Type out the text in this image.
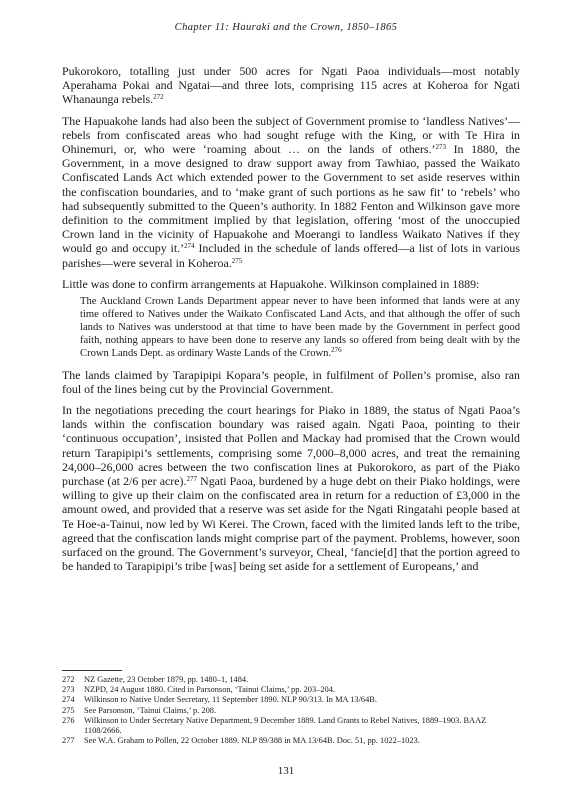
Chapter 11: Hauraki and the Crown, 1850–1865

Pukorokoro, totalling just under 500 acres for Ngati Paoa individuals—most notably Aperahama Pokai and Ngatai—and three lots, comprising 115 acres at Koheroa for Ngati Whanaunga rebels.$^{272}$

The Hapuakohe lands had also been the subject of Government promise to ‘landless Natives’—rebels from confiscated areas who had sought refuge with the King, or with Te Hira in Ohinemuri, or, who were ‘roaming about … on the lands of others.’$^{273}$ In 1880, the Government, in a move designed to draw support away from Tawhiao, passed the Waikato Confiscated Lands Act which extended power to the Government to set aside reserves within the confiscation boundaries, and to ‘make grant of such portions as he saw fit’ to ‘rebels’ who had subsequently submitted to the Queen’s authority. In 1882 Fenton and Wilkinson gave more definition to the commitment implied by that legislation, offering ‘most of the unoccupied Crown land in the vicinity of Hapuakohe and Moerangi to landless Waikato Natives if they would go and occupy it.’$^{274}$ Included in the schedule of lands offered—a list of lots in various parishes—were several in Koheroa.$^{275}$

Little was done to confirm arrangements at Hapuakohe. Wilkinson complained in 1889:

The Auckland Crown Lands Department appear never to have been informed that lands were at any time offered to Natives under the Waikato Confiscated Land Acts, and that although the offer of such lands to Natives was understood at that time to have been made by the Government in perfect good faith, nothing appears to have been done to reserve any lands so offered from being dealt with by the Crown Lands Dept. as ordinary Waste Lands of the Crown.$^{276}$

The lands claimed by Tarapipipi Kopara’s people, in fulfilment of Pollen’s promise, also ran foul of the lines being cut by the Provincial Government.

In the negotiations preceding the court hearings for Piako in 1889, the status of Ngati Paoa’s lands within the confiscation boundary was raised again. Ngati Paoa, pointing to their ‘continuous occupation’, insisted that Pollen and Mackay had promised that the Crown would return Tarapipipi’s settlements, comprising some 7,000–8,000 acres, and treat the remaining 24,000–26,000 acres between the two confiscation lines at Pukorokoro, as part of the Piako purchase (at 2/6 per acre).$^{277}$ Ngati Paoa, burdened by a huge debt on their Piako holdings, were willing to give up their claim on the confiscated area in return for a reduction of £3,000 in the amount owed, and provided that a reserve was set aside for the Ngati Ringatahi people based at Te Hoe-a-Tainui, now led by Wi Kerei. The Crown, faced with the limited lands left to the tribe, agreed that the confiscation lands might comprise part of the payment. Problems, however, soon surfaced on the ground. The Government’s surveyor, Cheal, ‘fancie[d] that the portion agreed to be handed to Tarapipipi’s tribe [was] being set aside for a settlement of Europeans,’ and

272	NZ Gazette, 23 October 1879, pp. 1480–1, 1484.
273	NZPD, 24 August 1880. Cited in Parsonson, ‘Tainui Claims,’ pp. 203–204.
274	Wilkinson to Native Under Secretary, 11 September 1890. NLP 90/313. In MA 13/64B.
275	See Parsonson, ‘Tainui Claims,’ p. 208.
276	Wilkinson to Under Secretary Native Department, 9 December 1889. Land Grants to Rebel Natives, 1889–1903. BAAZ 1108/2666.
277	See W.A. Graham to Pollen, 22 October 1889. NLP 89/388 in MA 13/64B. Doc. 51, pp. 1022–1023.
131
